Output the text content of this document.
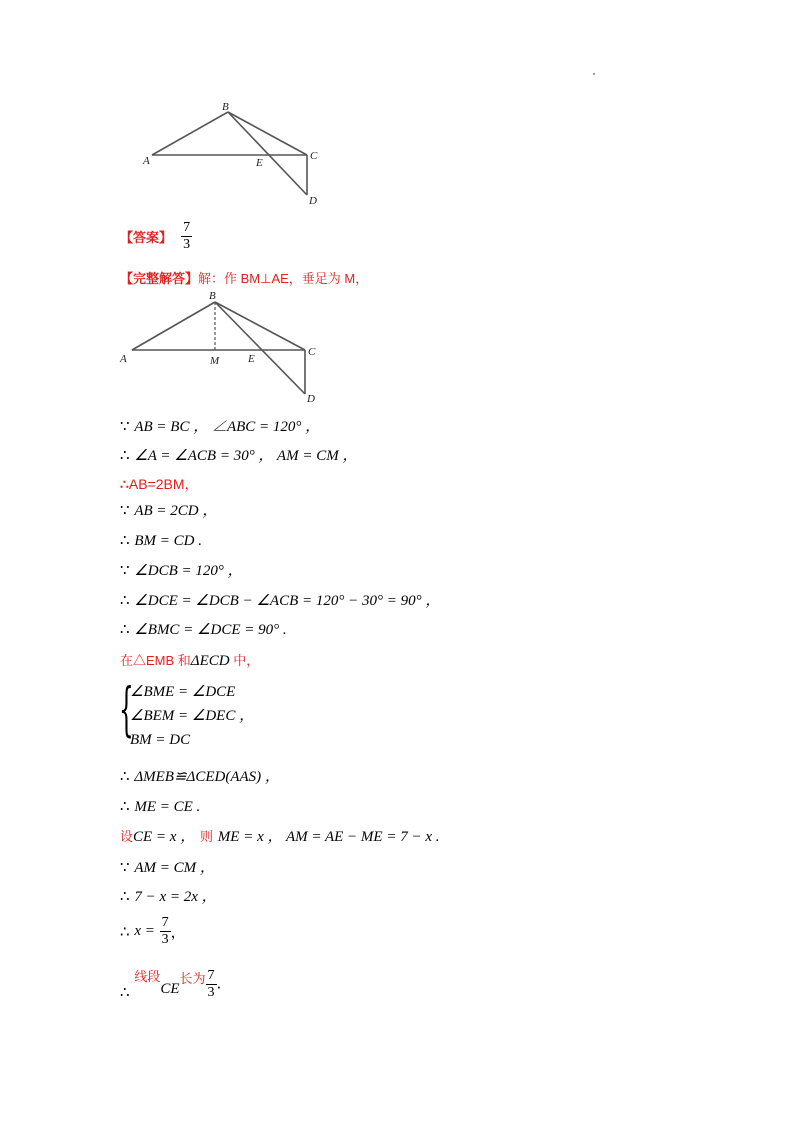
B
A	E
C
D
【答案】 $\frac{7}{3}$
【完整解答】解：作 BM⊥AE，垂足为 M，
B
A	M	E
C
D
∵ AB = BC ， ∠ABC = 120° ，
∴ ∠A = ∠ACB = 30° ， AM = CM ，
∴AB=2BM，
∵ AB = 2CD ，
∴ BM = CD .
∵ ∠DCB = 120° ，
∴ ∠DCE = ∠DCB − ∠ACB = 120° − 30° = 90° ，
∴ ∠BMC = ∠DCE = 90° .
在△EMB 和ΔECD 中，
{
∠BME = ∠DCE
∠BEM = ∠DEC ，
BM = DC
∴ ΔMEB≌ΔCED(AAS) ，
∴ ME = CE .
设CE = x ， 则 ME = x ， AM = AE − ME = 7 − x .
∵ AM = CM ，
∴ 7 − x = 2x ，
∴ $x = \frac{7}{3}$ ，
∴ 线段CE长为 $\frac{7}{3}$ .
